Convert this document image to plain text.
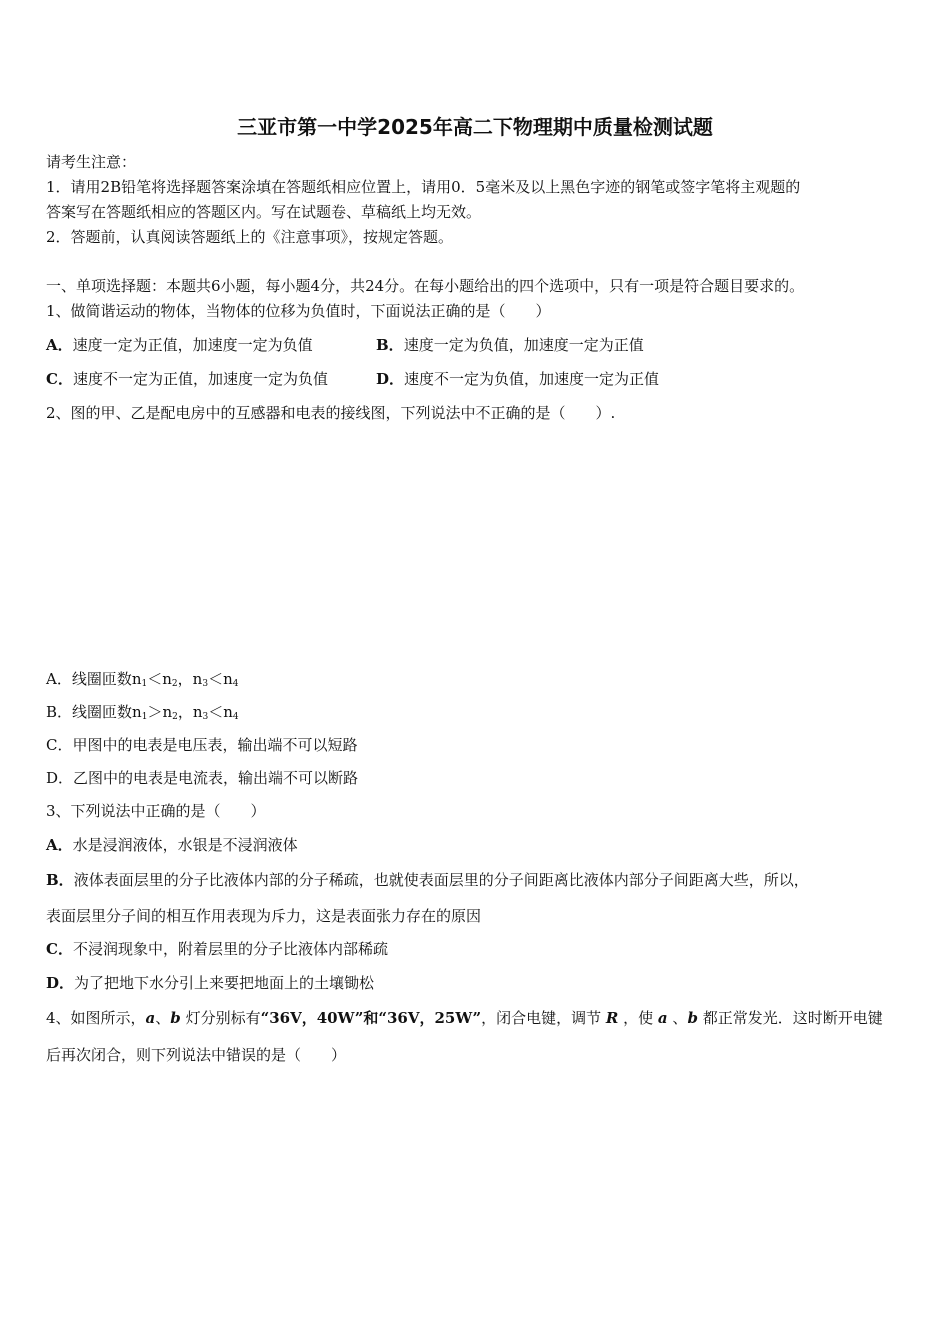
三亚市第一中学2025年高二下物理期中质量检测试题
请考生注意：
1．请用2B铅笔将选择题答案涂填在答题纸相应位置上，请用0．5毫米及以上黑色字迹的钢笔或签字笔将主观题的
答案写在答题纸相应的答题区内。写在试题卷、草稿纸上均无效。
2．答题前，认真阅读答题纸上的《注意事项》，按规定答题。
一、单项选择题：本题共6小题，每小题4分，共24分。在每小题给出的四个选项中，只有一项是符合题目要求的。
1、做简谐运动的物体，当物体的位移为负值时，下面说法正确的是（　　）
A．速度一定为正值，加速度一定为负值	B．速度一定为负值，加速度一定为正值
C．速度不一定为正值，加速度一定为负值	D．速度不一定为负值，加速度一定为正值
2、图的甲、乙是配电房中的互感器和电表的接线图，下列说法中不正确的是（　　）.
A．线圈匝数$n_1<n_2$，$n_3<n_4$
B．线圈匝数$n_1>n_2$，$n_3<n_4$
C．甲图中的电表是电压表，输出端不可以短路
D．乙图中的电表是电流表，输出端不可以断路
3、下列说法中正确的是（　　）
A．水是浸润液体，水银是不浸润液体
B．液体表面层里的分子比液体内部的分子稀疏，也就使表面层里的分子间距离比液体内部分子间距离大些，所以，
表面层里分子间的相互作用表现为斥力，这是表面张力存在的原因
C．不浸润现象中，附着层里的分子比液体内部稀疏
D．为了把地下水分引上来要把地面上的土壤锄松
4、如图所示，a、b 灯分别标有“36V，40W”和“36V，25W”，闭合电键，调节 R ，使 a 、b 都正常发光．这时断开电键
后再次闭合，则下列说法中错误的是（　　）
